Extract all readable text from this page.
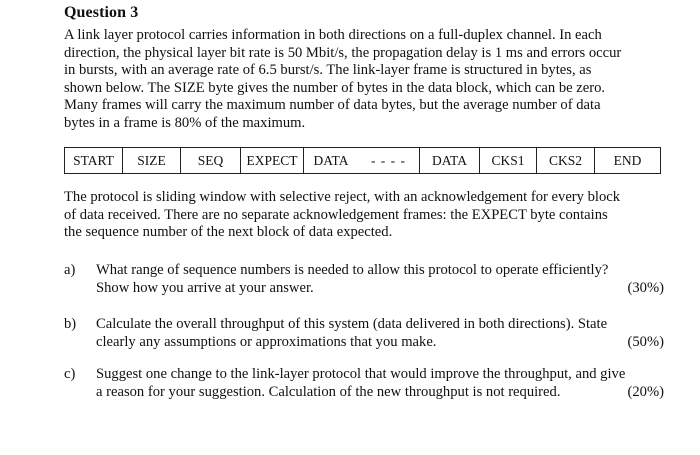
Question 3
A link layer protocol carries information in both directions on a full-duplex channel. In each
direction, the physical layer bit rate is 50 Mbit/s, the propagation delay is 1 ms and errors occur
in bursts, with an average rate of 6.5 burst/s. The link-layer frame is structured in bytes, as
shown below. The SIZE byte gives the number of bytes in the data block, which can be zero.
Many frames will carry the maximum number of data bytes, but the average number of data
bytes in a frame is 80% of the maximum.
START	SIZE	SEQ	EXPECT	DATA	- - - -	DATA	CKS1	CKS2	END
The protocol is sliding window with selective reject, with an acknowledgement for every block
of data received. There are no separate acknowledgement frames: the EXPECT byte contains
the sequence number of the next block of data expected.
a) What range of sequence numbers is needed to allow this protocol to operate efficiently?
Show how you arrive at your answer.	(30%)
b) Calculate the overall throughput of this system (data delivered in both directions). State
clearly any assumptions or approximations that you make.	(50%)
c) Suggest one change to the link-layer protocol that would improve the throughput, and give
a reason for your suggestion. Calculation of the new throughput is not required.	(20%)
